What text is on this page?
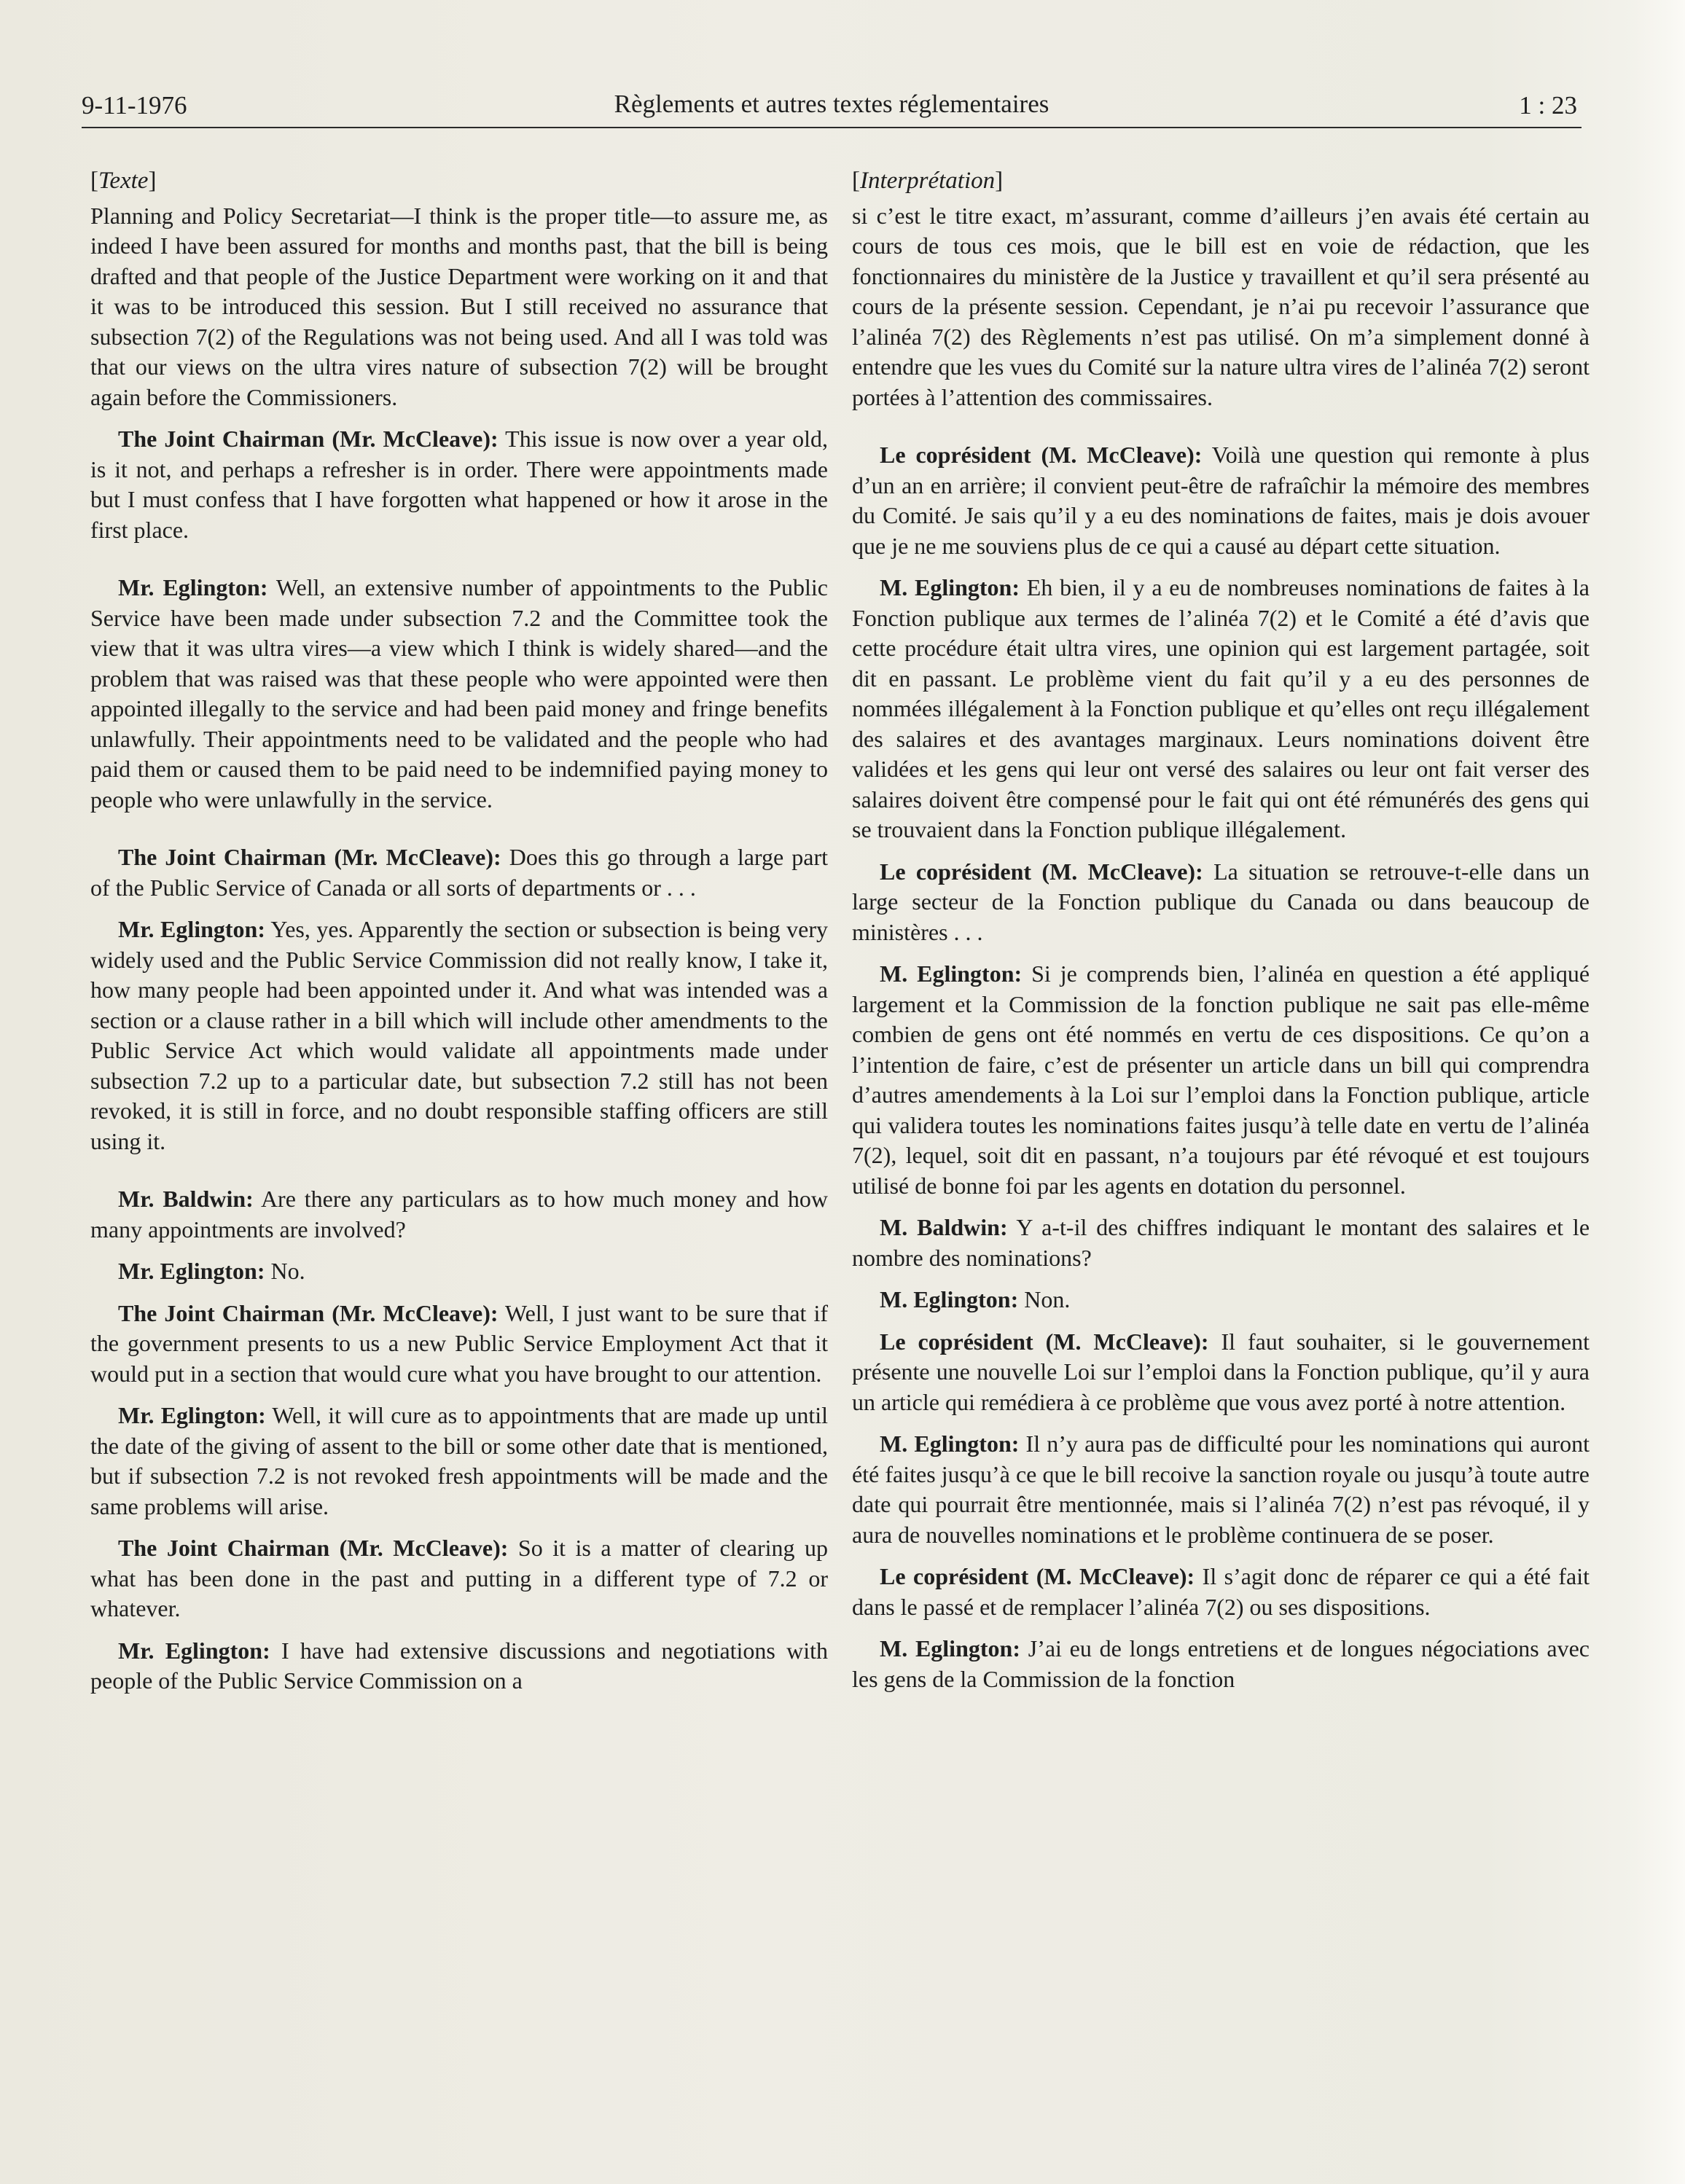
9-11-1976	Règlements et autres textes réglementaires	1 : 23
[Texte]

Planning and Policy Secretariat—I think is the proper title—to assure me, as indeed I have been assured for months and months past, that the bill is being drafted and that people of the Justice Department were working on it and that it was to be introduced this session. But I still received no assurance that subsection 7(2) of the Regulations was not being used. And all I was told was that our views on the ultra vires nature of subsection 7(2) will be brought again before the Commissioners.

The Joint Chairman (Mr. McCleave): This issue is now over a year old, is it not, and perhaps a refresher is in order. There were appointments made but I must confess that I have forgotten what happened or how it arose in the first place.

Mr. Eglington: Well, an extensive number of appointments to the Public Service have been made under subsection 7.2 and the Committee took the view that it was ultra vires—a view which I think is widely shared—and the problem that was raised was that these people who were appointed were then appointed illegally to the service and had been paid money and fringe benefits unlawfully. Their appointments need to be validated and the people who had paid them or caused them to be paid need to be indemnified paying money to people who were unlawfully in the service.

The Joint Chairman (Mr. McCleave): Does this go through a large part of the Public Service of Canada or all sorts of departments or . . .

Mr. Eglington: Yes, yes. Apparently the section or subsection is being very widely used and the Public Service Commission did not really know, I take it, how many people had been appointed under it. And what was intended was a section or a clause rather in a bill which will include other amendments to the Public Service Act which would validate all appointments made under subsection 7.2 up to a particular date, but subsection 7.2 still has not been revoked, it is still in force, and no doubt responsible staffing officers are still using it.

Mr. Baldwin: Are there any particulars as to how much money and how many appointments are involved?

Mr. Eglington: No.

The Joint Chairman (Mr. McCleave): Well, I just want to be sure that if the government presents to us a new Public Service Employment Act that it would put in a section that would cure what you have brought to our attention.

Mr. Eglington: Well, it will cure as to appointments that are made up until the date of the giving of assent to the bill or some other date that is mentioned, but if subsection 7.2 is not revoked fresh appointments will be made and the same problems will arise.

The Joint Chairman (Mr. McCleave): So it is a matter of clearing up what has been done in the past and putting in a different type of 7.2 or whatever.

Mr. Eglington: I have had extensive discussions and negotiations with people of the Public Service Commission on a

[Interprétation]

si c’est le titre exact, m’assurant, comme d’ailleurs j’en avais été certain au cours de tous ces mois, que le bill est en voie de rédaction, que les fonctionnaires du ministère de la Justice y travaillent et qu’il sera présenté au cours de la présente session. Cependant, je n’ai pu recevoir l’assurance que l’alinéa 7(2) des Règlements n’est pas utilisé. On m’a simplement donné à entendre que les vues du Comité sur la nature ultra vires de l’alinéa 7(2) seront portées à l’attention des commissaires.

Le coprésident (M. McCleave): Voilà une question qui remonte à plus d’un an en arrière; il convient peut-être de rafraîchir la mémoire des membres du Comité. Je sais qu’il y a eu des nominations de faites, mais je dois avouer que je ne me souviens plus de ce qui a causé au départ cette situation.

M. Eglington: Eh bien, il y a eu de nombreuses nominations de faites à la Fonction publique aux termes de l’alinéa 7(2) et le Comité a été d’avis que cette procédure était ultra vires, une opinion qui est largement partagée, soit dit en passant. Le problème vient du fait qu’il y a eu des personnes de nommées illégalement à la Fonction publique et qu’elles ont reçu illégalement des salaires et des avantages marginaux. Leurs nominations doivent être validées et les gens qui leur ont versé des salaires ou leur ont fait verser des salaires doivent être compensé pour le fait qui ont été rémunérés des gens qui se trouvaient dans la Fonction publique illégalement.

Le coprésident (M. McCleave): La situation se retrouve-t-elle dans un large secteur de la Fonction publique du Canada ou dans beaucoup de ministères . . .

M. Eglington: Si je comprends bien, l’alinéa en question a été appliqué largement et la Commission de la fonction publique ne sait pas elle-même combien de gens ont été nommés en vertu de ces dispositions. Ce qu’on a l’intention de faire, c’est de présenter un article dans un bill qui comprendra d’autres amendements à la Loi sur l’emploi dans la Fonction publique, article qui validera toutes les nominations faites jusqu’à telle date en vertu de l’alinéa 7(2), lequel, soit dit en passant, n’a toujours par été révoqué et est toujours utilisé de bonne foi par les agents en dotation du personnel.

M. Baldwin: Y a-t-il des chiffres indiquant le montant des salaires et le nombre des nominations?

M. Eglington: Non.

Le coprésident (M. McCleave): Il faut souhaiter, si le gouvernement présente une nouvelle Loi sur l’emploi dans la Fonction publique, qu’il y aura un article qui remédiera à ce problème que vous avez porté à notre attention.

M. Eglington: Il n’y aura pas de difficulté pour les nominations qui auront été faites jusqu’à ce que le bill recoive la sanction royale ou jusqu’à toute autre date qui pourrait être mentionnée, mais si l’alinéa 7(2) n’est pas révoqué, il y aura de nouvelles nominations et le problème continuera de se poser.

Le coprésident (M. McCleave): Il s’agit donc de réparer ce qui a été fait dans le passé et de remplacer l’alinéa 7(2) ou ses dispositions.

M. Eglington: J’ai eu de longs entretiens et de longues négociations avec les gens de la Commission de la fonction
